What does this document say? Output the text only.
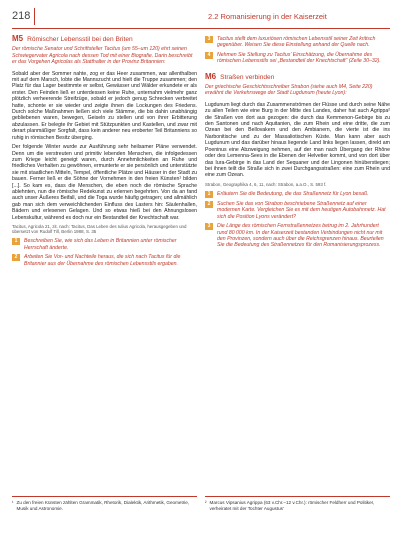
218	2.2 Romanisierung in der Kaiserzeit
M5 Römischer Lebensstil bei den Briten
Der römische Senator und Schriftsteller Tacitus (um 55–um 120) ehrt seinen Schwiegervater Agricola nach dessen Tod mit einer Biografie. Darin beschreibt er das Vorgehen Agricolas als Statthalter in der Provinz Britannien:
Sobald aber der Sommer nahte, zog er das Heer zusammen, war allenthalben mit auf dem Marsch, lobte die Mannszucht und hielt die Truppe zusammen; den Platz für das Lager bestimmte er selbst, Gewässer und Wälder erkundete er als erster. Den Feinden ließ er unterdessen keine Ruhe, unternahm vielmehr ganz plötzlich verheerende Streifzüge, sobald er jedoch genug Schrecken verbreitet hatte, schonte er sie wieder und zeigte ihnen die Lockungen des Friedens. Durch solche Maßnahmen ließen sich viele Stämme, die bis dahin unabhängig gebliebenen waren, bewegen, Geiseln zu stellen und von ihrer Erbitterung abzulassen. Er belegte ihr Gebiet mit Stützpunkten und Kastellen, und zwar mit derart planmäßiger Sorgfalt, dass kein anderer neu eroberter Teil Britanniens so ruhig in römischen Besitz überging.
Der folgende Winter wurde zur Ausführung sehr heilsamer Pläne verwendet. Denn um die verstreuten und primitiv lebenden Menschen, die infolgedessen zum Kriege leicht geneigt waren, durch Annehmlichkeiten an Ruhe und friedliches Verhalten zu gewöhnen, ermunterte er sie persönlich und unterstützte sie mit staatlichen Mitteln, Tempel, öffentliche Plätze und Häuser in der Stadt zu bauen. Ferner ließ er die Söhne der Vornehmen in den freien Künsten¹ bilden [...]. So kam es, dass die Menschen, die eben noch die römische Sprache ablehnten, nun die römische Redekunst zu erlernen begehrten. Von da an fand auch unser Äußeres Beifall, und die Toga wurde häufig getragen; und allmählich gab man sich dem verweichlichenden Einfluss des Lasters hin: Säulenhallen, Bädern und erlesenen Gelagen. Und so etwas hieß bei den Ahnungslosen Lebenskultur, während es doch nur ein Bestandteil der Knechtschaft war.
Tacitus, Agricola 21, zit. nach: Tacitus, Das Leben des Iulius Agricola, herausgegeben und übersetzt von Rudolf Till, Berlin 1988, S. 35
1	Beschreiben Sie, wie sich das Leben in Britannien unter römischer Herrschaft änderte.
2	Arbeiten Sie Vor- und Nachteile heraus, die sich nach Tacitus für die Britannier aus der Übernahme des römischen Lebensstils ergaben.
3	Tacitus stellt dem luxuriösen römischen Lebensstil seiner Zeit kritisch gegenüber. Weisen Sie diese Einstellung anhand der Quelle nach.
4	Nehmen Sie Stellung zu Tacitus' Einschätzung, die Übernahme des römischen Lebensstils sei „Bestandteil der Knechtschaft“ (Zeile 30–32).
M6 Straßen verbinden
Der griechische Geschichtsschreiber Strabon (siehe auch M4, Seite 220) erwähnt die Verkehrswege der Stadt Lugdunum (heute Lyon):
Lugdunum liegt durch das Zusammenströmen der Flüsse und durch seine Nähe zu allen Teilen wie eine Burg in der Mitte des Landes, daher hat auch Agrippa² die Straßen von dort aus gezogen: die durch das Kemmenon-Gebirge bis zu den Santonen und nach Aquitanien, die zum Rhein und eine dritte, die zum Ozean bei den Bellovakern und den Ambianern, die vierte ist die ins Narbonitische und zu der Massaliotischen Küste. Man kann aber auch Lugdunum und das darüber hinaus liegende Land links liegen lassen, direkt am Poeninus eine Abzweigung nehmen, auf der man nach Übergang der Rhône oder des Lemenna-Sees in die Ebenen der Helvetier kommt, und von dort über das Iura-Gebirge in das Land der Sequaner und der Lingonen hinüberstiegen; bei ihnen teilt die Straße sich in zwei Durchgangsstraßen: eine zum Rhein und eine zum Ozean.
Strabon, Geographika 4, 6, 11, nach: Strabon, a.a.O., S. 593 f.
1	Erläutern Sie die Bedeutung, die das Straßennetz für Lyon besaß.
2	Suchen Sie das von Strabon beschriebene Straßennetz auf einer modernen Karte. Vergleichen Sie es mit dem heutigen Autobahnnetz. Hat sich die Position Lyons verändert?
3	Die Länge des römischen Fernstraßennetzes betrug im 2. Jahrhundert rund 80 000 km. In der Kaiserzeit bestanden Verbindungen nicht nur mit den Provinzen, sondern auch über die Reichsgrenzen hinaus. Beurteilen Sie die Bedeutung des Straßennetzes für den Romanisierungsprozess.
¹ Zu den freien Künsten zählten Grammatik, Rhetorik, Dialektik, Arithmetik, Geometrie, Musik und Astronomie.
² Marcus Vipsanius Agrippa (63 v.Chr.–12 v.Chr.): römischer Feldherr und Politiker, verheiratet mit der Tochter Augustus'
